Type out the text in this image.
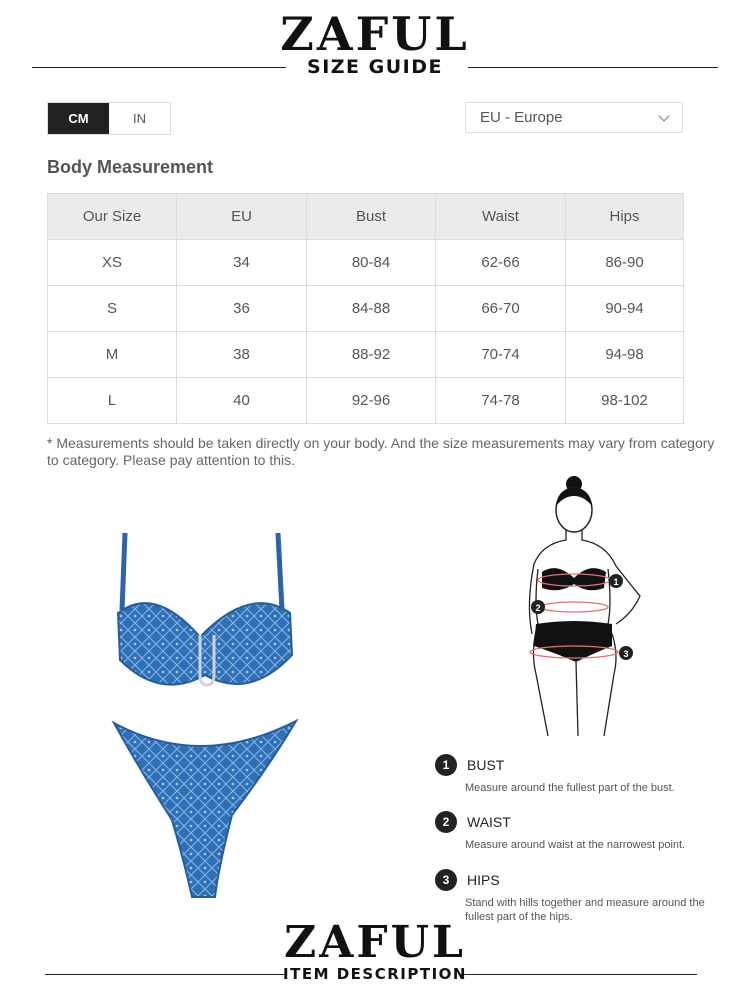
ZAFUL
SIZE GUIDE
CM	IN	EU - Europe
Body Measurement
Our Size	EU	Bust	Waist	Hips
XS	34	80-84	62-66	86-90
S	36	84-88	66-70	90-94
M	38	88-92	70-74	94-98
L	40	92-96	74-78	98-102
* Measurements should be taken directly on your body. And the size measurements may vary from category to category. Please pay attention to this.
1
2
3
1	BUST
Measure around the fullest part of the bust.
2	WAIST
Measure around waist at the narrowest point.
3	HIPS
Stand with hills together and measure around the fullest part of the hips.
ZAFUL
ITEM DESCRIPTION
